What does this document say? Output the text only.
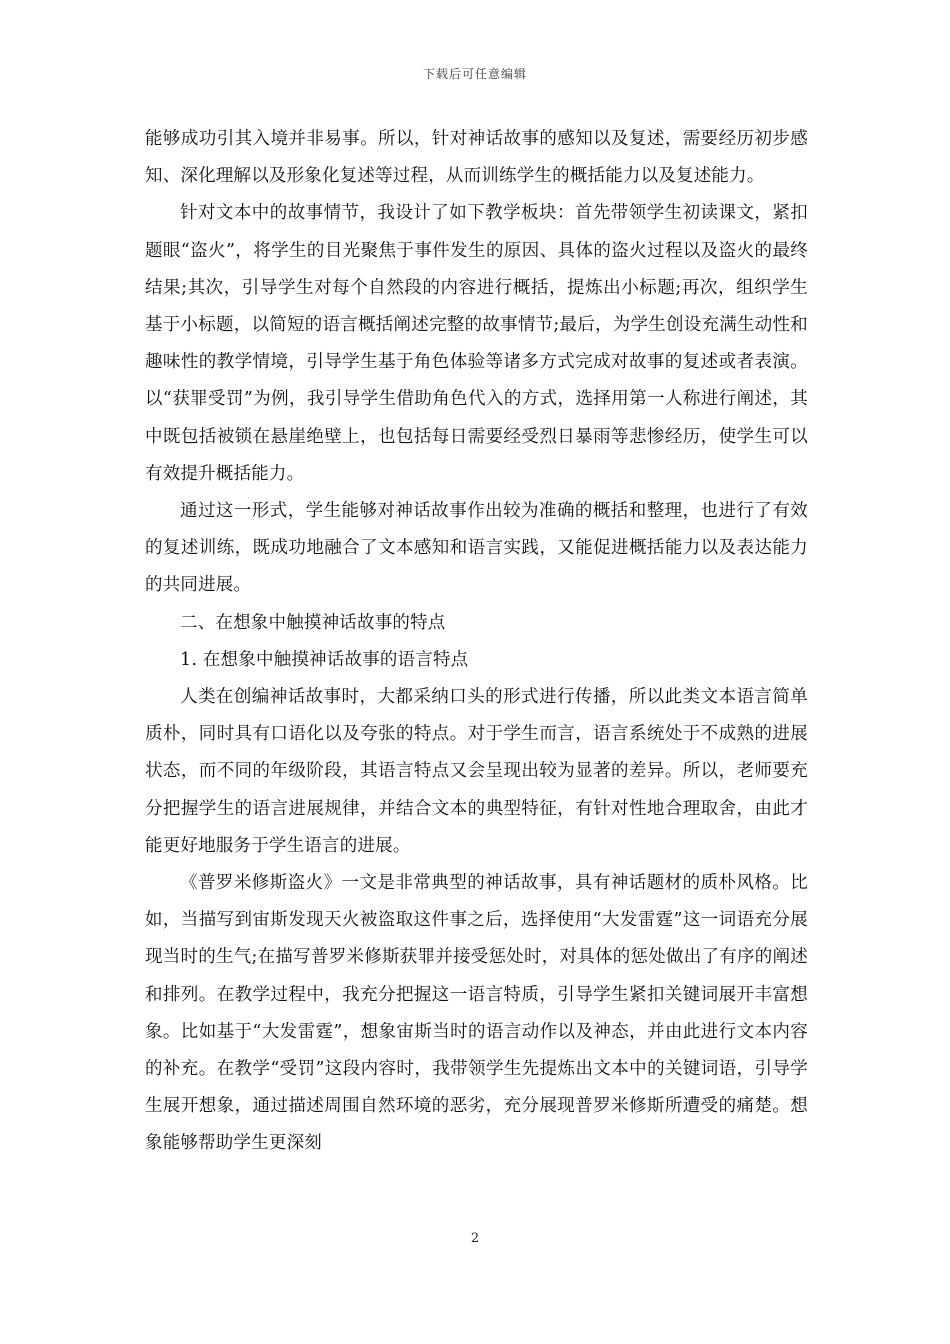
下载后可任意编辑

能够成功引其入境并非易事。所以，针对神话故事的感知以及复述，需要经历初步感知、深化理解以及形象化复述等过程，从而训练学生的概括能力以及复述能力。

针对文本中的故事情节，我设计了如下教学板块：首先带领学生初读课文，紧扣题眼“盗火”，将学生的目光聚焦于事件发生的原因、具体的盗火过程以及盗火的最终结果;其次，引导学生对每个自然段的内容进行概括，提炼出小标题;再次，组织学生基于小标题，以简短的语言概括阐述完整的故事情节;最后，为学生创设充满生动性和趣味性的教学情境，引导学生基于角色体验等诸多方式完成对故事的复述或者表演。以“获罪受罚”为例，我引导学生借助角色代入的方式，选择用第一人称进行阐述，其中既包括被锁在悬崖绝壁上，也包括每日需要经受烈日暴雨等悲惨经历，使学生可以有效提升概括能力。

通过这一形式，学生能够对神话故事作出较为准确的概括和整理，也进行了有效的复述训练，既成功地融合了文本感知和语言实践，又能促进概括能力以及表达能力的共同进展。

二、在想象中触摸神话故事的特点

1. 在想象中触摸神话故事的语言特点

人类在创编神话故事时，大都采纳口头的形式进行传播，所以此类文本语言简单质朴，同时具有口语化以及夸张的特点。对于学生而言，语言系统处于不成熟的进展状态，而不同的年级阶段，其语言特点又会呈现出较为显著的差异。所以，老师要充分把握学生的语言进展规律，并结合文本的典型特征，有针对性地合理取舍，由此才能更好地服务于学生语言的进展。

《普罗米修斯盗火》一文是非常典型的神话故事，具有神话题材的质朴风格。比如，当描写到宙斯发现天火被盗取这件事之后，选择使用“大发雷霆”这一词语充分展现当时的生气;在描写普罗米修斯获罪并接受惩处时，对具体的惩处做出了有序的阐述和排列。在教学过程中，我充分把握这一语言特质，引导学生紧扣关键词展开丰富想象。比如基于“大发雷霆”，想象宙斯当时的语言动作以及神态，并由此进行文本内容的补充。在教学“受罚”这段内容时，我带领学生先提炼出文本中的关键词语，引导学生展开想象，通过描述周围自然环境的恶劣，充分展现普罗米修斯所遭受的痛楚。想象能够帮助学生更深刻

2
